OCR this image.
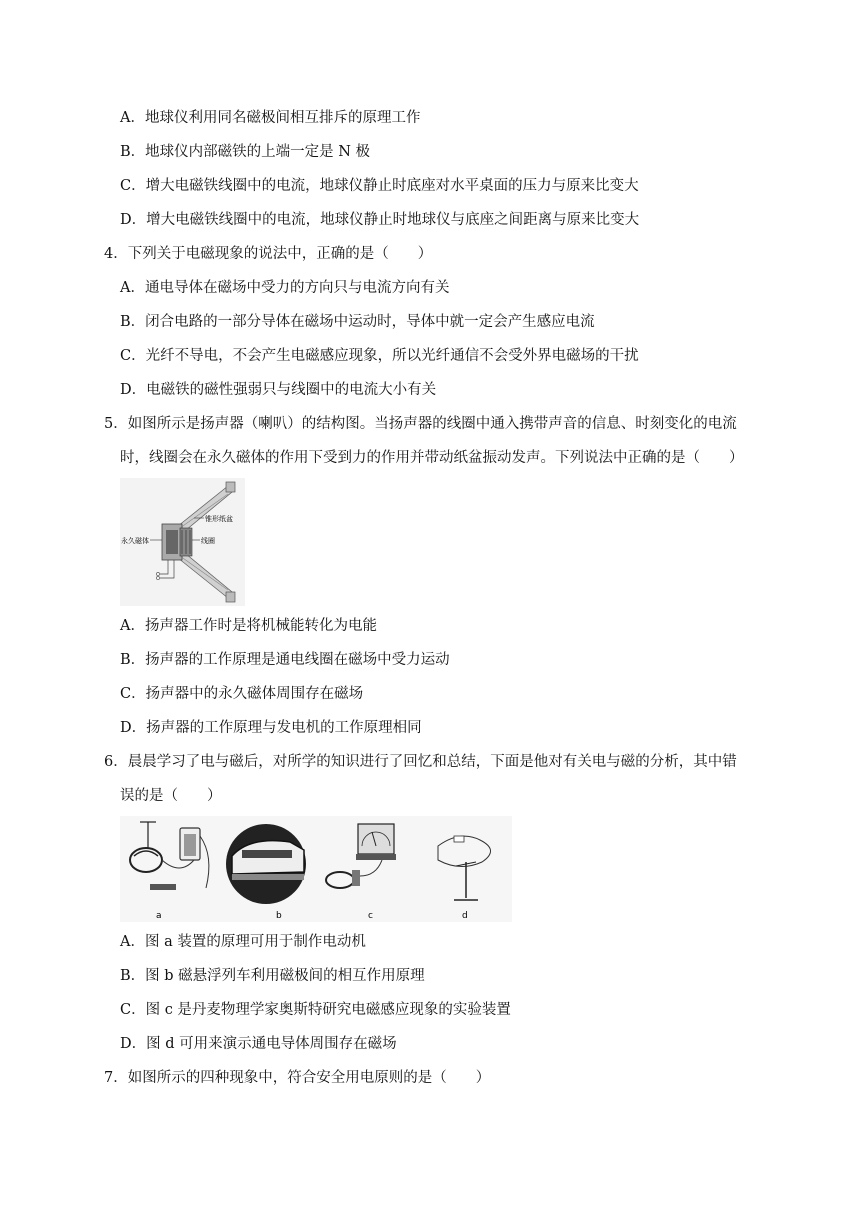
A．地球仪利用同名磁极间相互排斥的原理工作
B．地球仪内部磁铁的上端一定是 N 极
C．增大电磁铁线圈中的电流，地球仪静止时底座对水平桌面的压力与原来比变大
D．增大电磁铁线圈中的电流，地球仪静止时地球仪与底座之间距离与原来比变大
4．下列关于电磁现象的说法中，正确的是（　　）
A．通电导体在磁场中受力的方向只与电流方向有关
B．闭合电路的一部分导体在磁场中运动时，导体中就一定会产生感应电流
C．光纤不导电，不会产生电磁感应现象，所以光纤通信不会受外界电磁场的干扰
D．电磁铁的磁性强弱只与线圈中的电流大小有关
5．如图所示是扬声器（喇叭）的结构图。当扬声器的线圈中通入携带声音的信息、时刻变化的电流
时，线圈会在永久磁体的作用下受到力的作用并带动纸盆振动发声。下列说法中正确的是（　　）
锥形纸盆
永久磁体	线圈
A．扬声器工作时是将机械能转化为电能
B．扬声器的工作原理是通电线圈在磁场中受力运动
C．扬声器中的永久磁体周围存在磁场
D．扬声器的工作原理与发电机的工作原理相同
6．晨晨学习了电与磁后，对所学的知识进行了回忆和总结，下面是他对有关电与磁的分析，其中错
误的是（　　）
a	b	c	d
A．图 a 装置的原理可用于制作电动机
B．图 b 磁悬浮列车利用磁极间的相互作用原理
C．图 c 是丹麦物理学家奥斯特研究电磁感应现象的实验装置
D．图 d 可用来演示通电导体周围存在磁场
7．如图所示的四种现象中，符合安全用电原则的是（　　）
